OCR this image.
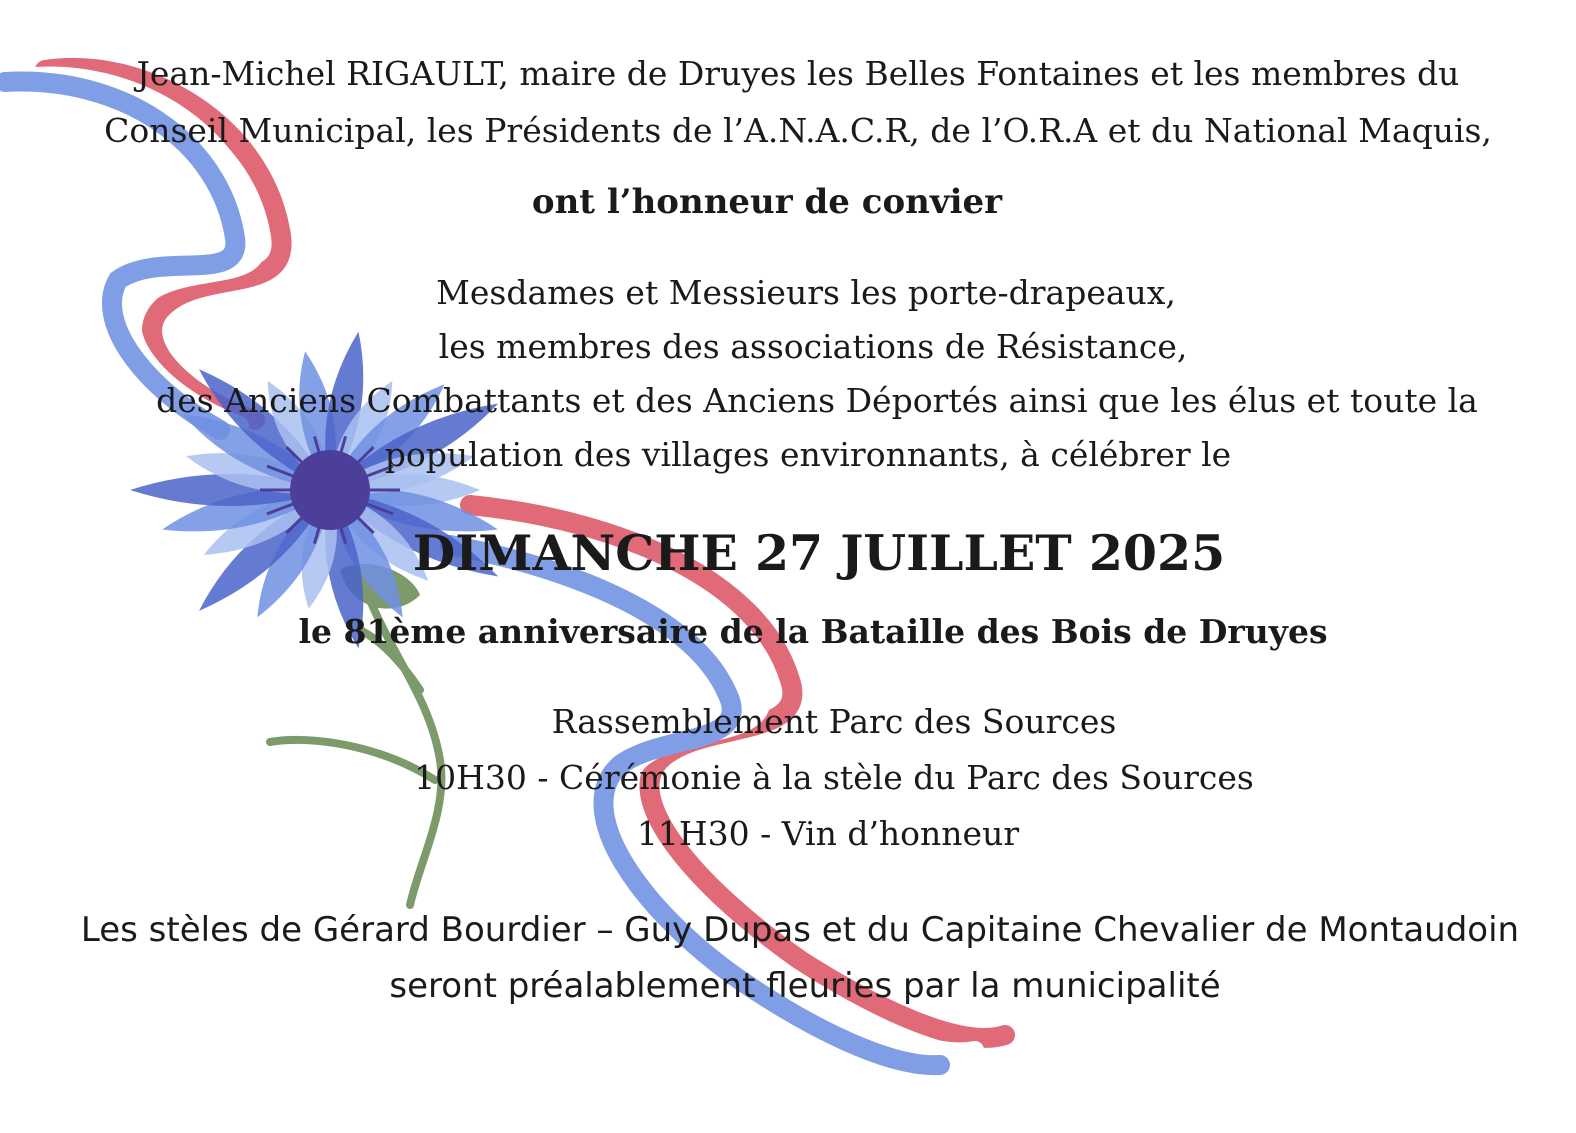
Jean-Michel RIGAULT, maire de Druyes les Belles Fontaines et les membres du
Conseil Municipal, les Présidents de l’A.N.A.C.R, de l’O.R.A et du National Maquis,
ont l’honneur de convier
Mesdames et Messieurs les porte-drapeaux,
les membres des associations de Résistance,
des Anciens Combattants et des Anciens Déportés ainsi que les élus et toute la
population des villages environnants, à célébrer le
DIMANCHE 27 JUILLET 2025
le 81ème anniversaire de la Bataille des Bois de Druyes
Rassemblement Parc des Sources
10H30 - Cérémonie à la stèle du Parc des Sources
11H30 - Vin d’honneur
Les stèles de Gérard Bourdier – Guy Dupas et du Capitaine Chevalier de Montaudoin
seront préalablement fleuries par la municipalité
